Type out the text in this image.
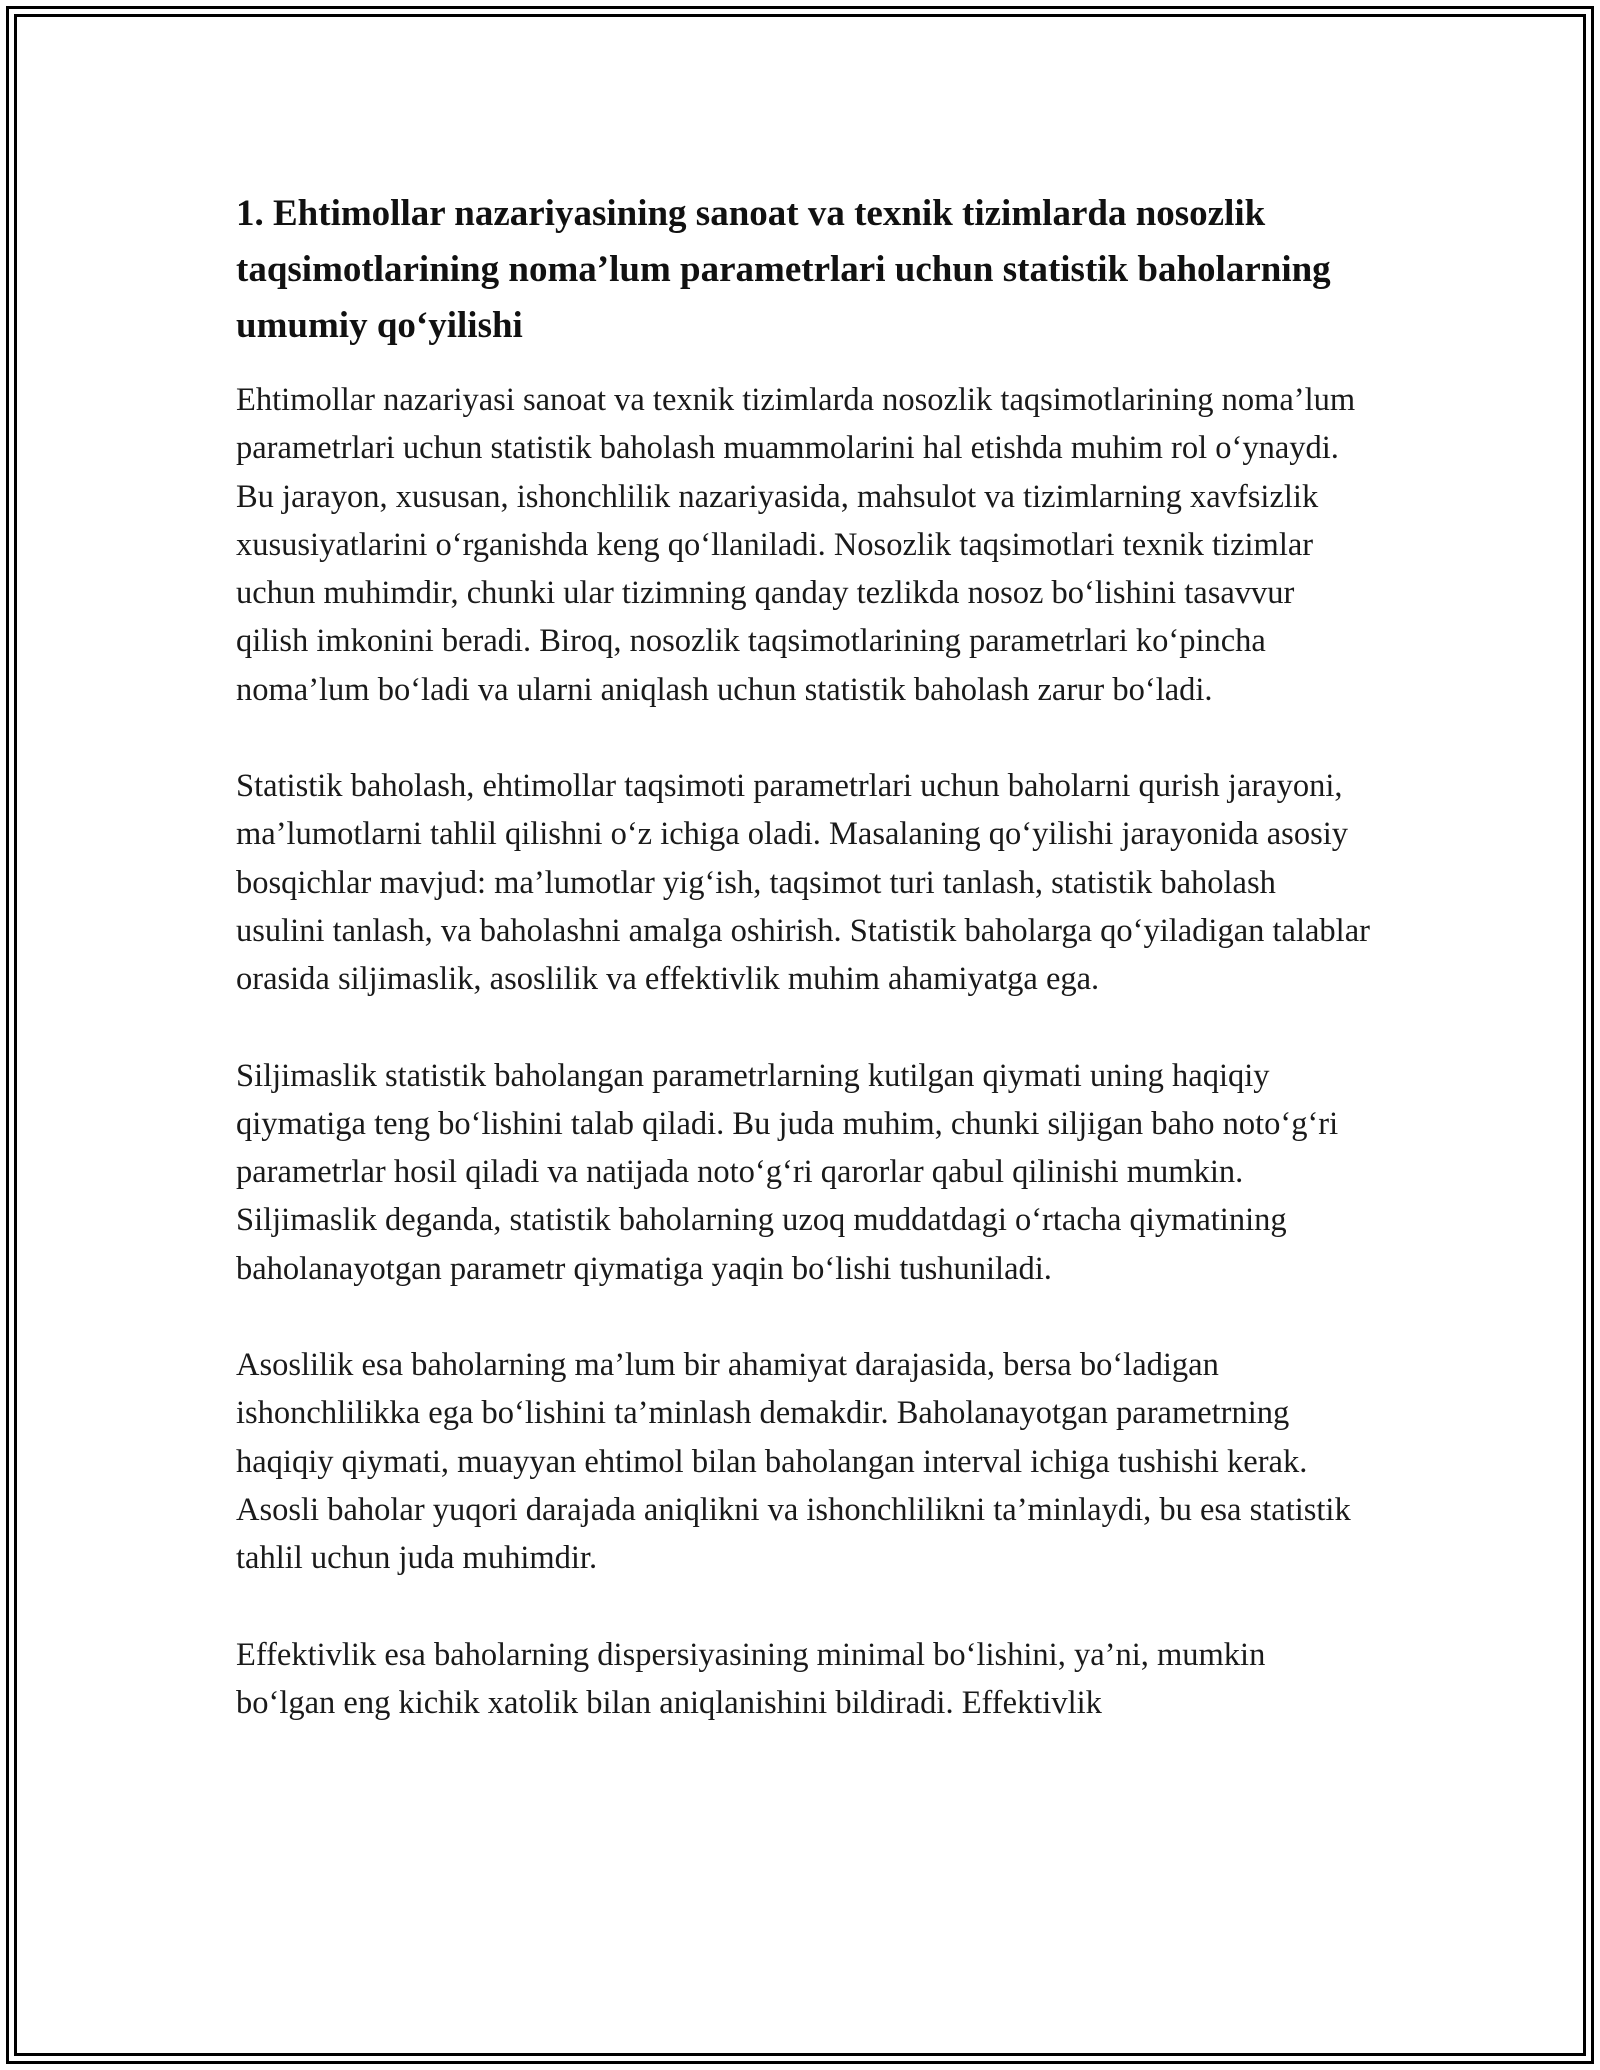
1. Ehtimollar nazariyasining sanoat va texnik tizimlarda nosozlik taqsimotlarining noma’lum parametrlari uchun statistik baholarning umumiy qo‘yilishi

Ehtimollar nazariyasi sanoat va texnik tizimlarda nosozlik taqsimotlarining noma’lum parametrlari uchun statistik baholash muammolarini hal etishda muhim rol o‘ynaydi. Bu jarayon, xususan, ishonchlilik nazariyasida, mahsulot va tizimlarning xavfsizlik xususiyatlarini o‘rganishda keng qo‘llaniladi. Nosozlik taqsimotlari texnik tizimlar uchun muhimdir, chunki ular tizimning qanday tezlikda nosoz bo‘lishini tasavvur qilish imkonini beradi. Biroq, nosozlik taqsimotlarining parametrlari ko‘pincha noma’lum bo‘ladi va ularni aniqlash uchun statistik baholash zarur bo‘ladi.

Statistik baholash, ehtimollar taqsimoti parametrlari uchun baholarni qurish jarayoni, ma’lumotlarni tahlil qilishni o‘z ichiga oladi. Masalaning qo‘yilishi jarayonida asosiy bosqichlar mavjud: ma’lumotlar yig‘ish, taqsimot turi tanlash, statistik baholash usulini tanlash, va baholashni amalga oshirish. Statistik baholarga qo‘yiladigan talablar orasida siljimaslik, asoslilik va effektivlik muhim ahamiyatga ega.

Siljimaslik statistik baholangan parametrlarning kutilgan qiymati uning haqiqiy qiymatiga teng bo‘lishini talab qiladi. Bu juda muhim, chunki siljigan baho noto‘g‘ri parametrlar hosil qiladi va natijada noto‘g‘ri qarorlar qabul qilinishi mumkin. Siljimaslik deganda, statistik baholarning uzoq muddatdagi o‘rtacha qiymatining baholanayotgan parametr qiymatiga yaqin bo‘lishi tushuniladi.

Asoslilik esa baholarning ma’lum bir ahamiyat darajasida, bersa bo‘ladigan ishonchlilikka ega bo‘lishini ta’minlash demakdir. Baholanayotgan parametrning haqiqiy qiymati, muayyan ehtimol bilan baholangan interval ichiga tushishi kerak. Asosli baholar yuqori darajada aniqlikni va ishonchlilikni ta’minlaydi, bu esa statistik tahlil uchun juda muhimdir.

Effektivlik esa baholarning dispersiyasining minimal bo‘lishini, ya’ni, mumkin bo‘lgan eng kichik xatolik bilan aniqlanishini bildiradi. Effektivlik
